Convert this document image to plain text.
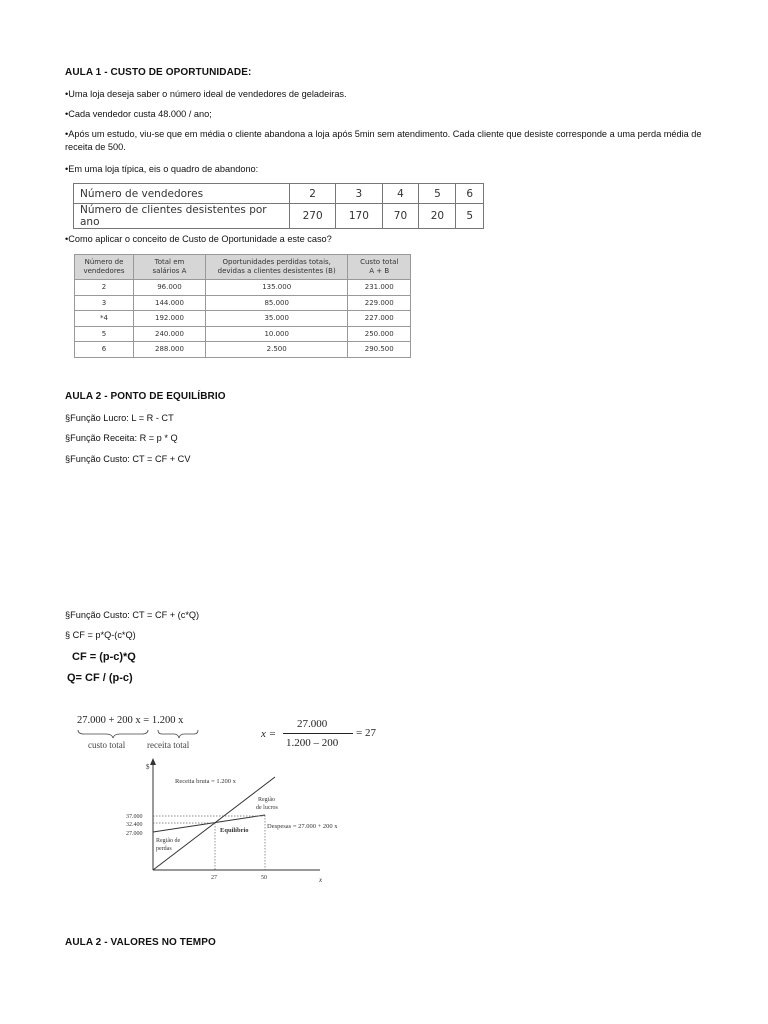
AULA 1 - CUSTO DE OPORTUNIDADE:
•Uma loja deseja saber o número ideal de vendedores de geladeiras.
•Cada vendedor custa 48.000 / ano;
•Após um estudo, viu-se que em média o cliente abandona a loja após 5min sem atendimento. Cada cliente que desiste corresponde a uma perda média de
receita de 500.
•Em uma loja típica, eis o quadro de abandono:
Número de vendedores	2	3	4	5	6
Número de clientes desistentes por ano	270	170	70	20	5
•Como aplicar o conceito de Custo de Oportunidade a este caso?
Número de
vendedores	Total em
salários A	Oportunidades perdidas totais,
devidas a clientes desistentes (B)	Custo total
A + B
2	96.000	135.000	231.000
3	144.000	85.000	229.000
*4	192.000	35.000	227.000
5	240.000	10.000	250.000
6	288.000	2.500	290.500
AULA 2 - PONTO DE EQUILÍBRIO
§Função Lucro: L = R - CT
§Função Receita: R = p * Q
§Função Custo: CT = CF + CV
§Função Custo: CT = CF + (c*Q)
§ CF = p*Q-(c*Q)
CF = (p-c)*Q
Q= CF / (p-c)
27.000 + 200 x = 1.200 x
custo total receita total
x =
27.000
1.200 – 200
= 27
$
x
37.000
32.400
27.000
27	50
Receita bruta = 1.200 x
Região
de lucros
Equilíbrio
Despesas = 27.000 + 200 x
Região de
perdas
AULA 2 - VALORES NO TEMPO
